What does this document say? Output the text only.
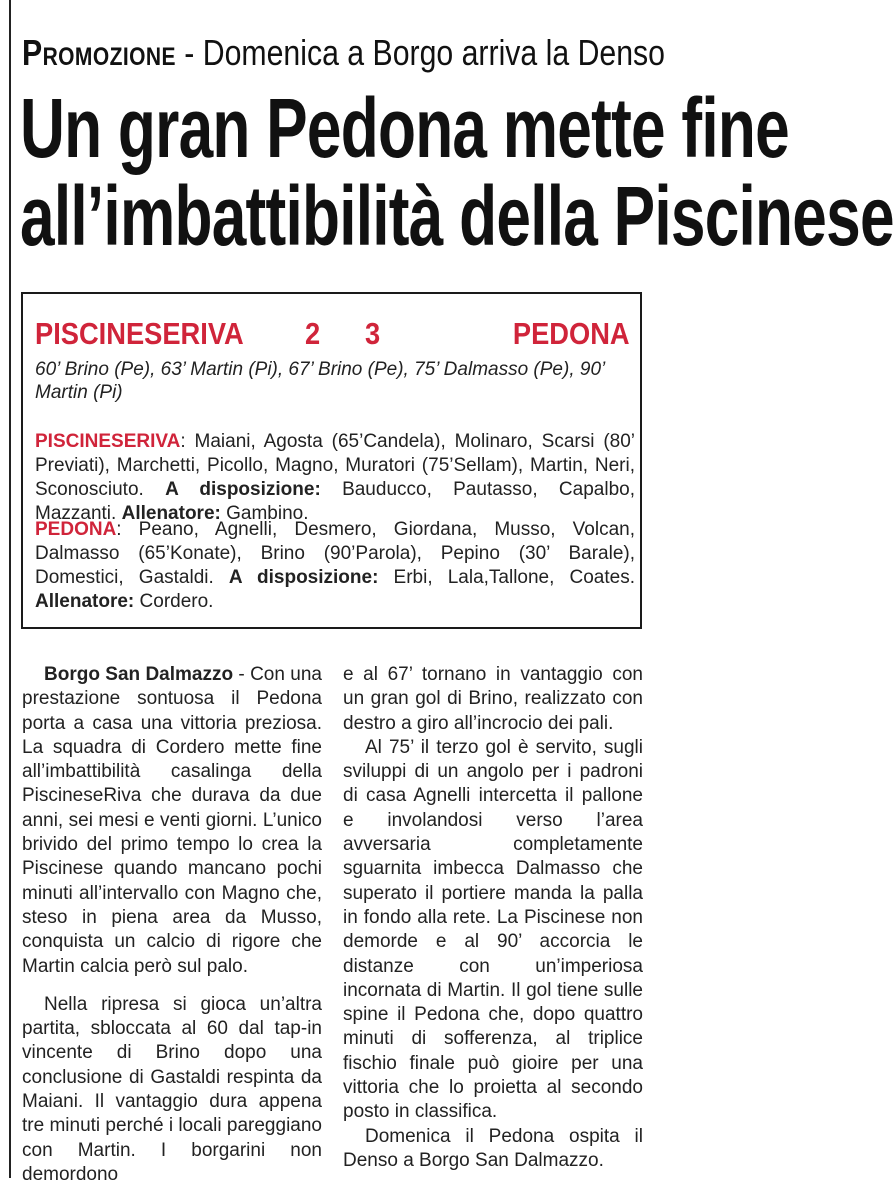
Promozione - Domenica a Borgo arriva la Denso
Un gran Pedona mette fine
all’imbattibilità della Piscinese
PISCINESERIVA 2 3	PEDONA

60’ Brino (Pe), 63’ Martin (Pi), 67’ Brino (Pe), 75’ Dalmasso (Pe), 90’ Martin (Pi)

PISCINESERIVA: Maiani, Agosta (65’Candela), Molinaro, Scarsi (80’ Previati), Marchetti, Picollo, Magno, Muratori (75’Sellam), Martin, Neri, Sconosciuto. A disposizione: Bauducco, Pautasso, Capalbo, Mazzanti. Allenatore: Gambino.

PEDONA: Peano, Agnelli, Desmero, Giordana, Musso, Volcan, Dalmasso (65’Konate), Brino (90’Parola), Pepino (30’ Barale), Domestici, Gastaldi. A disposizione: Erbi, Lala,Tallone, Coates. Allenatore: Cordero.

Borgo San Dalmazzo - Con una prestazione sontuosa il Pedona porta a casa una vittoria preziosa. La squadra di Cordero mette fine all’imbattibilità casalinga della PiscineseRiva che durava da due anni, sei mesi e venti giorni. L’unico brivido del primo tempo lo crea la Piscinese quando mancano pochi minuti all’intervallo con Magno che, steso in piena area da Musso, conquista un calcio di rigore che Martin calcia però sul palo.

Nella ripresa si gioca un’altra partita, sbloccata al 60 dal tap-in vincente di Brino dopo una conclusione di Gastaldi respinta da Maiani. Il vantaggio dura appena tre minuti perché i locali pareggiano con Martin. I borgarini non demordono

e al 67’ tornano in vantaggio con un gran gol di Brino, realizzato con destro a giro all’incrocio dei pali.

Al 75’ il terzo gol è servito, sugli sviluppi di un angolo per i padroni di casa Agnelli intercetta il pallone e involandosi verso l’area avversaria completamente sguarnita imbecca Dalmasso che superato il portiere manda la palla in fondo alla rete. La Piscinese non demorde e al 90’ accorcia le distanze con un’imperiosa incornata di Martin. Il gol tiene sulle spine il Pedona che, dopo quattro minuti di sofferenza, al triplice fischio finale può gioire per una vittoria che lo proietta al secondo posto in classifica.

Domenica il Pedona ospita il Denso a Borgo San Dalmazzo.
